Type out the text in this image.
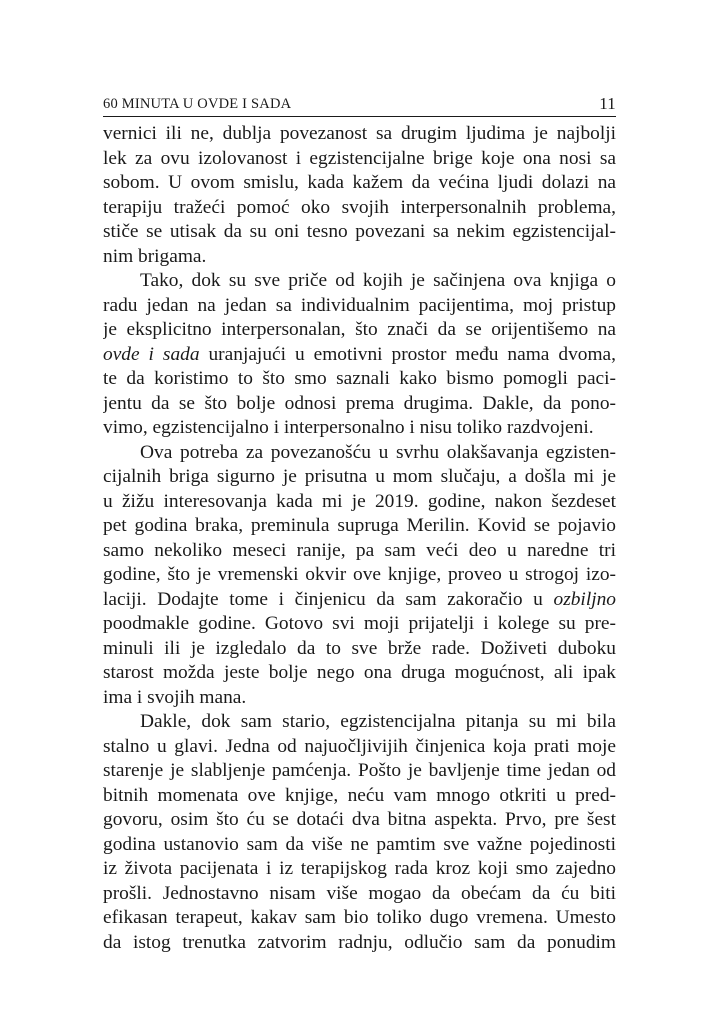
60 MINUTA U OVDE I SADA	11
vernici ili ne, dublja povezanost sa drugim ljudima je najbolji
lek za ovu izolovanost i egzistencijalne brige koje ona nosi sa
sobom. U ovom smislu, kada kažem da većina ljudi dolazi na
terapiju tražeći pomoć oko svojih interpersonalnih problema,
stiče se utisak da su oni tesno povezani sa nekim egzistencijal-
nim brigama.
Tako, dok su sve priče od kojih je sačinjena ova knjiga o
radu jedan na jedan sa individualnim pacijentima, moj pristup
je eksplicitno interpersonalan, što znači da se orijentišemo na
ovde i sada uranjajući u emotivni prostor među nama dvoma,
te da koristimo to što smo saznali kako bismo pomogli paci-
jentu da se što bolje odnosi prema drugima. Dakle, da pono-
vimo, egzistencijalno i interpersonalno i nisu toliko razdvojeni.
Ova potreba za povezanošću u svrhu olakšavanja egzisten-
cijalnih briga sigurno je prisutna u mom slučaju, a došla mi je
u žižu interesovanja kada mi je 2019. godine, nakon šezdeset
pet godina braka, preminula supruga Merilin. Kovid se pojavio
samo nekoliko meseci ranije, pa sam veći deo u naredne tri
godine, što je vremenski okvir ove knjige, proveo u strogoj izo-
laciji. Dodajte tome i činjenicu da sam zakoračio u ozbiljno
poodmakle godine. Gotovo svi moji prijatelji i kolege su pre-
minuli ili je izgledalo da to sve brže rade. Doživeti duboku
starost možda jeste bolje nego ona druga mogućnost, ali ipak
ima i svojih mana.
Dakle, dok sam stario, egzistencijalna pitanja su mi bila
stalno u glavi. Jedna od najuočljivijih činjenica koja prati moje
starenje je slabljenje pamćenja. Pošto je bavljenje time jedan od
bitnih momenata ove knjige, neću vam mnogo otkriti u pred-
govoru, osim što ću se dotaći dva bitna aspekta. Prvo, pre šest
godina ustanovio sam da više ne pamtim sve važne pojedinosti
iz života pacijenata i iz terapijskog rada kroz koji smo zajedno
prošli. Jednostavno nisam više mogao da obećam da ću biti
efikasan terapeut, kakav sam bio toliko dugo vremena. Umesto
da istog trenutka zatvorim radnju, odlučio sam da ponudim
